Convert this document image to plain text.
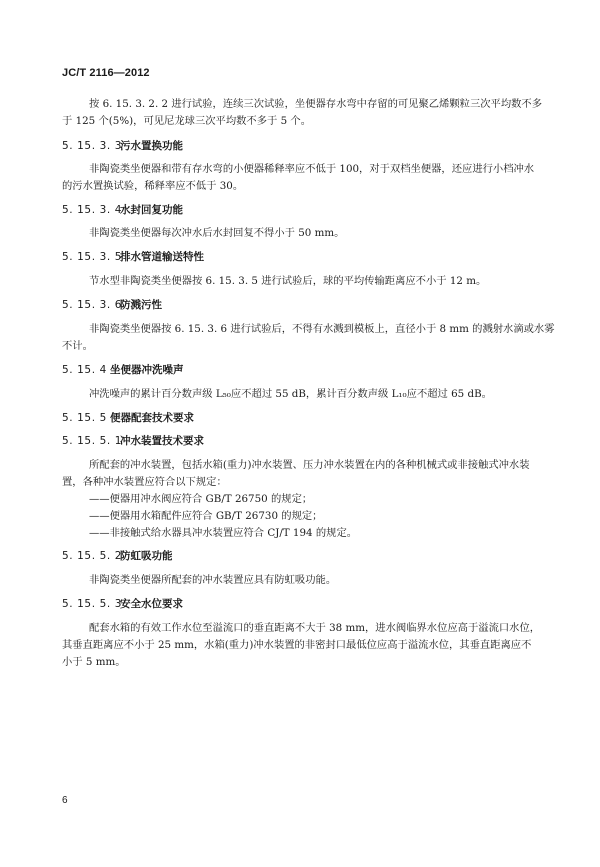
JC/T 2116—2012
按 6. 15. 3. 2. 2 进行试验，连续三次试验，坐便器存水弯中存留的可见聚乙烯颗粒三次平均数不多
于 125 个(5%)，可见尼龙球三次平均数不多于 5 个。
5. 15. 3. 3污水置换功能
非陶瓷类坐便器和带有存水弯的小便器稀释率应不低于 100，对于双档坐便器，还应进行小档冲水
的污水置换试验，稀释率应不低于 30。
5. 15. 3. 4水封回复功能
非陶瓷类坐便器每次冲水后水封回复不得小于 50 mm。
5. 15. 3. 5排水管道输送特性
节水型非陶瓷类坐便器按 6. 15. 3. 5 进行试验后，球的平均传输距离应不小于 12 m。
5. 15. 3. 6防溅污性
非陶瓷类坐便器按 6. 15. 3. 6 进行试验后，不得有水溅到模板上，直径小于 8 mm 的溅射水滴或水雾
不计。
5. 15. 4 坐便器冲洗噪声
冲洗噪声的累计百分数声级 L₅₀应不超过 55 dB，累计百分数声级 L₁₀应不超过 65 dB。
5. 15. 5 便器配套技术要求
5. 15. 5. 1冲水装置技术要求
所配套的冲水装置，包括水箱(重力)冲水装置、压力冲水装置在内的各种机械式或非接触式冲水装
置，各种冲水装置应符合以下规定：
——便器用冲水阀应符合 GB/T 26750 的规定；
——便器用水箱配件应符合 GB/T 26730 的规定；
——非接触式给水器具冲水装置应符合 CJ/T 194 的规定。
5. 15. 5. 2防虹吸功能
非陶瓷类坐便器所配套的冲水装置应具有防虹吸功能。
5. 15. 5. 3安全水位要求
配套水箱的有效工作水位至溢流口的垂直距离不大于 38 mm，进水阀临界水位应高于溢流口水位，
其垂直距离应不小于 25 mm，水箱(重力)冲水装置的非密封口最低位应高于溢流水位，其垂直距离应不
小于 5 mm。
6
